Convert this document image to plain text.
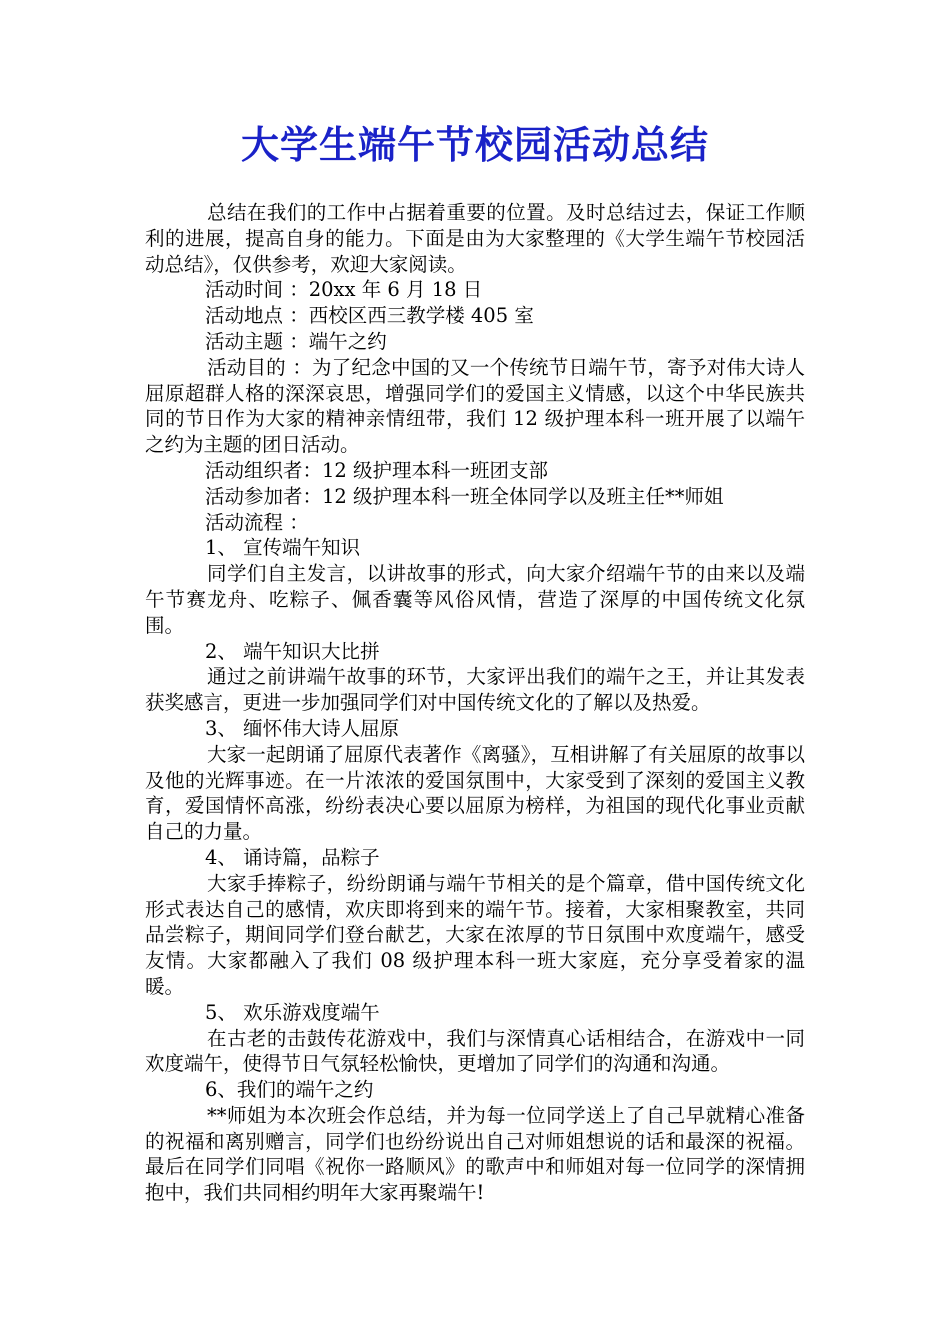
大学生端午节校园活动总结

总结在我们的工作中占据着重要的位置。及时总结过去，保证工作顺利的进展，提高自身的能力。下面是由为大家整理的《大学生端午节校园活动总结》，仅供参考，欢迎大家阅读。

活动时间 ：20xx 年 6 月 18 日

活动地点 ：西校区西三教学楼 405 室

活动主题 ：端午之约

活动目的 ：为了纪念中国的又一个传统节日端午节，寄予对伟大诗人屈原超群人格的深深哀思，增强同学们的爱国主义情感，以这个中华民族共同的节日作为大家的精神亲情纽带，我们 12 级护理本科一班开展了以端午之约为主题的团日活动。

活动组织者：12 级护理本科一班团支部

活动参加者：12 级护理本科一班全体同学以及班主任**师姐

活动流程 ：

1、 宣传端午知识

同学们自主发言，以讲故事的形式，向大家介绍端午节的由来以及端午节赛龙舟、吃粽子、佩香囊等风俗风情，营造了深厚的中国传统文化氛围。

2、 端午知识大比拼

通过之前讲端午故事的环节，大家评出我们的端午之王，并让其发表获奖感言，更进一步加强同学们对中国传统文化的了解以及热爱。

3、 缅怀伟大诗人屈原

大家一起朗诵了屈原代表著作《离骚》，互相讲解了有关屈原的故事以及他的光辉事迹。在一片浓浓的爱国氛围中，大家受到了深刻的爱国主义教育，爱国情怀高涨，纷纷表决心要以屈原为榜样，为祖国的现代化事业贡献自己的力量。

4、 诵诗篇，品粽子

大家手捧粽子，纷纷朗诵与端午节相关的是个篇章，借中国传统文化形式表达自己的感情，欢庆即将到来的端午节。接着，大家相聚教室，共同品尝粽子，期间同学们登台献艺，大家在浓厚的节日氛围中欢度端午，感受友情。大家都融入了我们 08 级护理本科一班大家庭，充分享受着家的温暖。

5、 欢乐游戏度端午

在古老的击鼓传花游戏中，我们与深情真心话相结合，在游戏中一同欢度端午，使得节日气氛轻松愉快，更增加了同学们的沟通和沟通。

6、我们的端午之约

**师姐为本次班会作总结，并为每一位同学送上了自己早就精心准备的祝福和离别赠言，同学们也纷纷说出自己对师姐想说的话和最深的祝福。最后在同学们同唱《祝你一路顺风》的歌声中和师姐对每一位同学的深情拥抱中，我们共同相约明年大家再聚端午!
